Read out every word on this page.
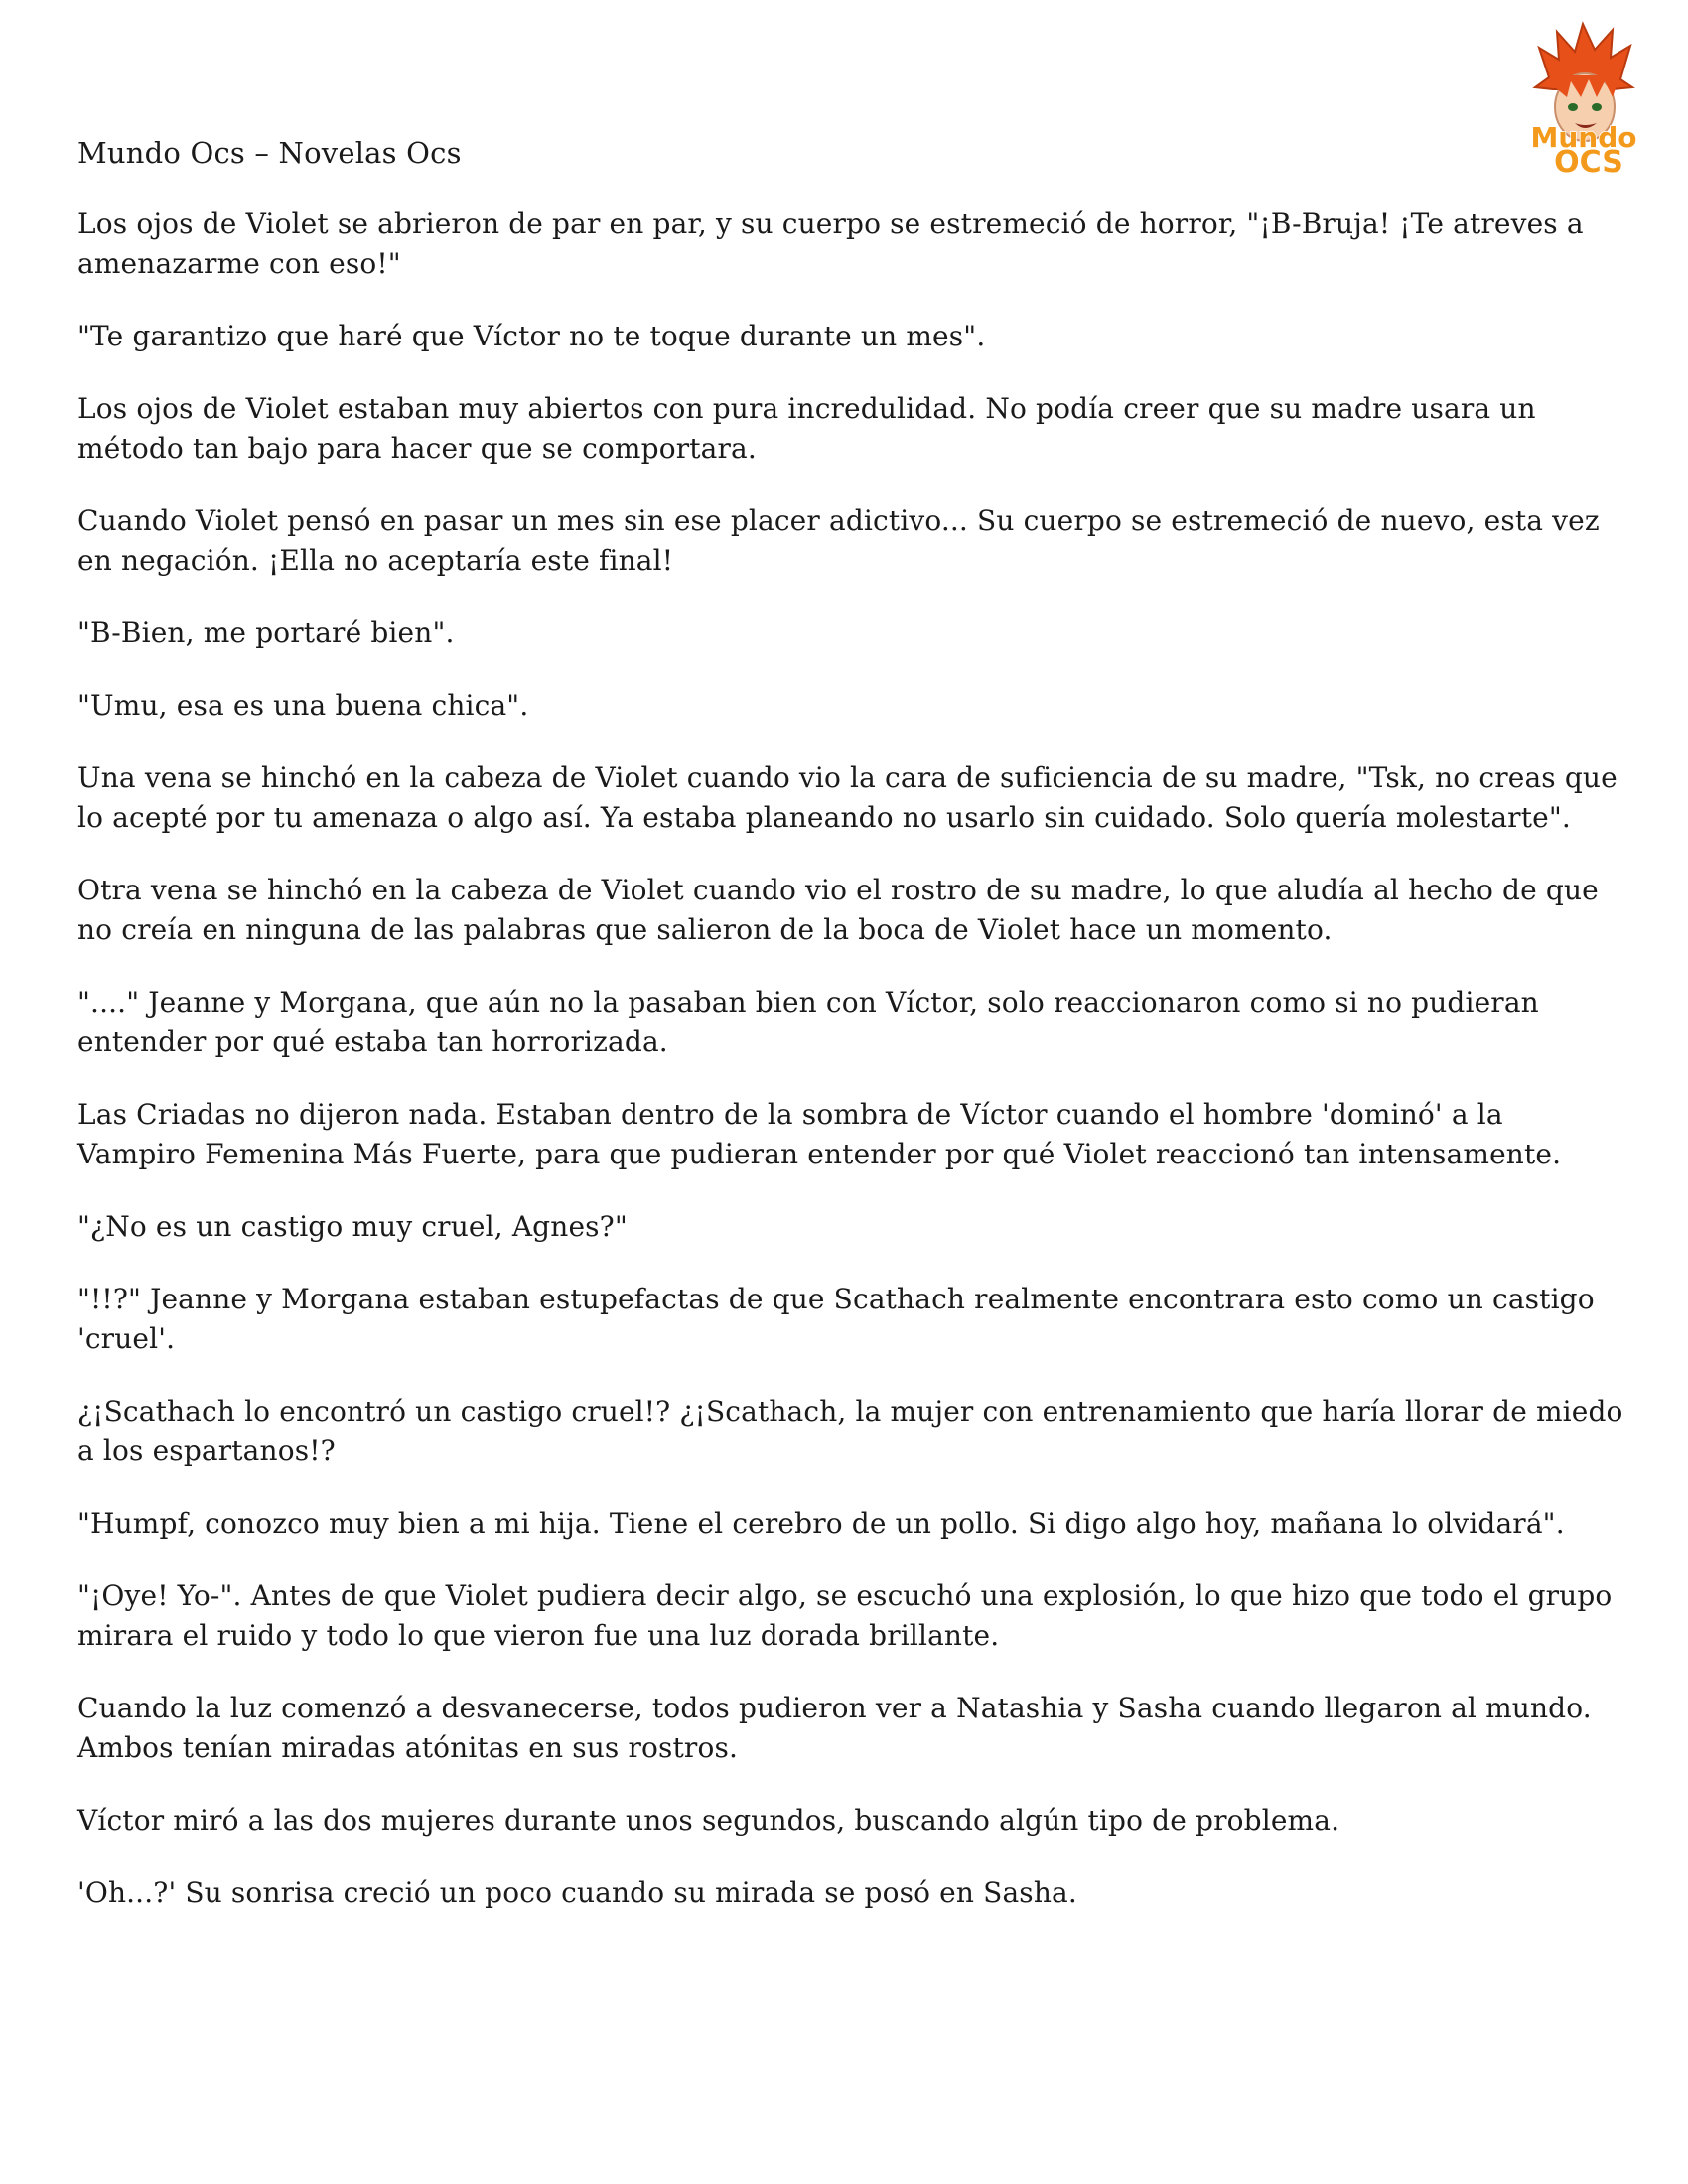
Mundo Ocs – Novelas Ocs	Mundo
OCS

Los ojos de Violet se abrieron de par en par, y su cuerpo se estremeció de horror, "¡B-Bruja! ¡Te atreves a amenazarme con eso!"

"Te garantizo que haré que Víctor no te toque durante un mes".

Los ojos de Violet estaban muy abiertos con pura incredulidad. No podía creer que su madre usara un método tan bajo para hacer que se comportara.

Cuando Violet pensó en pasar un mes sin ese placer adictivo... Su cuerpo se estremeció de nuevo, esta vez en negación. ¡Ella no aceptaría este final!

"B-Bien, me portaré bien".

"Umu, esa es una buena chica".

Una vena se hinchó en la cabeza de Violet cuando vio la cara de suficiencia de su madre, "Tsk, no creas que lo acepté por tu amenaza o algo así. Ya estaba planeando no usarlo sin cuidado. Solo quería molestarte".

Otra vena se hinchó en la cabeza de Violet cuando vio el rostro de su madre, lo que aludía al hecho de que no creía en ninguna de las palabras que salieron de la boca de Violet hace un momento.

"...." Jeanne y Morgana, que aún no la pasaban bien con Víctor, solo reaccionaron como si no pudieran entender por qué estaba tan horrorizada.

Las Criadas no dijeron nada. Estaban dentro de la sombra de Víctor cuando el hombre 'dominó' a la Vampiro Femenina Más Fuerte, para que pudieran entender por qué Violet reaccionó tan intensamente.

"¿No es un castigo muy cruel, Agnes?"

"!!?" Jeanne y Morgana estaban estupefactas de que Scathach realmente encontrara esto como un castigo 'cruel'.

¿¡Scathach lo encontró un castigo cruel!? ¿¡Scathach, la mujer con entrenamiento que haría llorar de miedo a los espartanos!?

"Humpf, conozco muy bien a mi hija. Tiene el cerebro de un pollo. Si digo algo hoy, mañana lo olvidará".

"¡Oye! Yo-". Antes de que Violet pudiera decir algo, se escuchó una explosión, lo que hizo que todo el grupo mirara el ruido y todo lo que vieron fue una luz dorada brillante.

Cuando la luz comenzó a desvanecerse, todos pudieron ver a Natashia y Sasha cuando llegaron al mundo. Ambos tenían miradas atónitas en sus rostros.

Víctor miró a las dos mujeres durante unos segundos, buscando algún tipo de problema.

'Oh...?' Su sonrisa creció un poco cuando su mirada se posó en Sasha.
